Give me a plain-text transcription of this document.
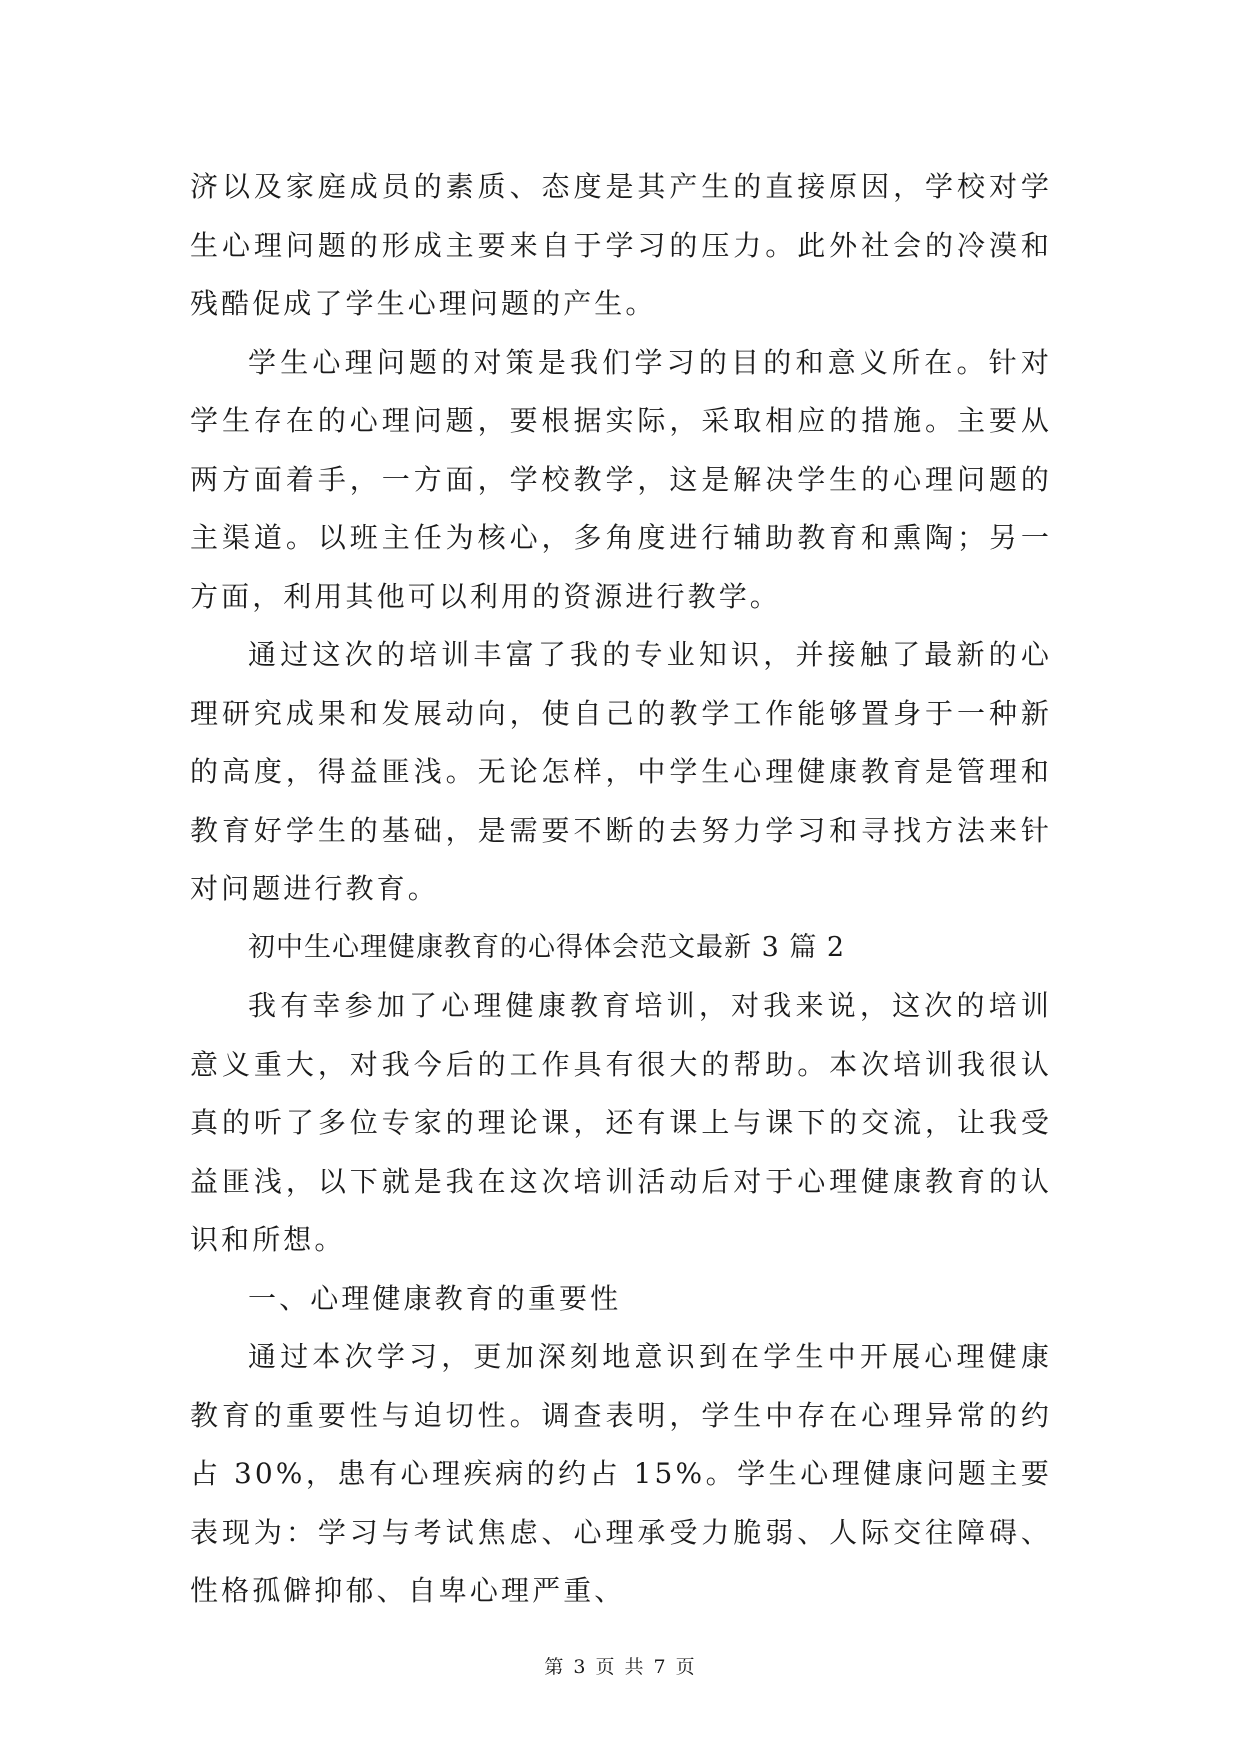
济以及家庭成员的素质、态度是其产生的直接原因，学校对学生心理问题的形成主要来自于学习的压力。此外社会的冷漠和残酷促成了学生心理问题的产生。

学生心理问题的对策是我们学习的目的和意义所在。针对学生存在的心理问题，要根据实际，采取相应的措施。主要从两方面着手，一方面，学校教学，这是解决学生的心理问题的主渠道。以班主任为核心，多角度进行辅助教育和熏陶；另一方面，利用其他可以利用的资源进行教学。

通过这次的培训丰富了我的专业知识，并接触了最新的心理研究成果和发展动向，使自己的教学工作能够置身于一种新的高度，得益匪浅。无论怎样，中学生心理健康教育是管理和教育好学生的基础，是需要不断的去努力学习和寻找方法来针对问题进行教育。

初中生心理健康教育的心得体会范文最新 3 篇 2

我有幸参加了心理健康教育培训，对我来说，这次的培训意义重大，对我今后的工作具有很大的帮助。本次培训我很认真的听了多位专家的理论课，还有课上与课下的交流，让我受益匪浅，以下就是我在这次培训活动后对于心理健康教育的认识和所想。

一、心理健康教育的重要性

通过本次学习，更加深刻地意识到在学生中开展心理健康教育的重要性与迫切性。调查表明，学生中存在心理异常的约占 30%，患有心理疾病的约占 15%。学生心理健康问题主要表现为：学习与考试焦虑、心理承受力脆弱、人际交往障碍、性格孤僻抑郁、自卑心理严重、

第 3 页 共 7 页
